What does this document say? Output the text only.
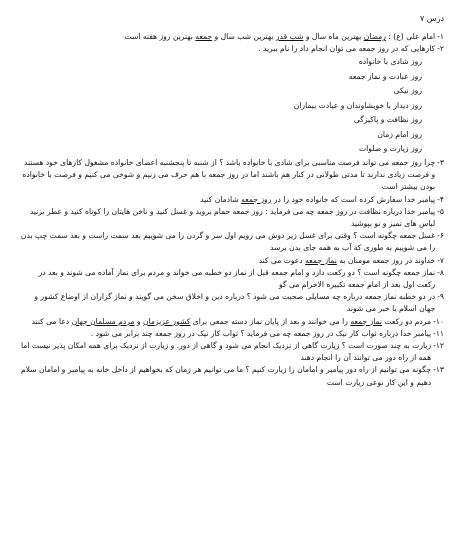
درس ۷
۱-
امام علی (ع) : رمضان بهترین ماه سال و شب قدر بهترین شب سال و جمعه بهترین روز هفته است
۲-
کارهایی که در روز جمعه می توان انجام داد را نام ببرید .
روز شادی با خانواده
روز عبادت و نماز جمعه
روز نیکی
روز دیدار با خویشاوندان و عیادت بیماران
روز نظافت و پاکیزگی
روز امام زمان
روز زیارت و صلوات
۳-
چرا روز جمعه می تواند فرصت مناسبی برای شادی با خانواده باشد ؟ از شنبه تا پنجشنبه اعضای خانواده مشغول کارهای خود هستند و فرصت زیادی ندارند تا مدتی طولانی در کنار هم باشند اما در روز جمعه با هم حرف می زنیم و شوخی می کنیم و فرصت با خانواده بودن بیشتر است
۴-
پیامبر خدا سفارش کرده است که خانواده خود را در روز جمعه شادمان کنید
۵-
پیامبر خدا درباره نظافت در روز جمعه چه می فرماید : روز جمعه حمام بروید و غسل کنید و ناخن هایتان را کوتاه کنید و عطر بزنید لباس های تمیز و نو بپوشید
۶-
غسل جمعه چگونه است ؟ وقتی برای غسل زیر دوش می رویم اول سر و گردن را می شوییم بعد سمت راست و بعد سمت چپ بدن را می شوییم به طوری که آب به همه جای بدن برسد
۷-
خداوند در روز جمعه مومنان به نماز جمعه دعوت می کند
۸-
نماز جمعه چگونه است ؟ دو رکعت دارد و امام جمعه قبل از نماز دو خطبه می خواند و مردم برای نماز آماده می شوند و بعد در رکعت اول بعد از امام جمعه تکبیره الاحرام می گو
۹-
در دو خطبه نماز جمعه درباره چه مسایلی صحبت می شود ؟ درباره دین و اخلاق سخن می گویند و نماز گزاران از اوضاع کشور و جهان اسلام با خبر می شوند
۱۰-
مردم دو رکعت نماز جمعه را می خوانند و بعد از پایان نماز دسته جمعی برای کشور عزیزمان و مردم مسلمان جهان دعا می کنند
۱۱-
پیامبر خدا درباره ثواب کار نیک در روز جمعه چه می فرماید ؟ ثواب کار نیک در روز جمعه چند برابر می شود .
۱۲-
زیارت به چند صورت است ؟ زیارت گاهی از نزدیک انجام می شود و گاهی از دور. و زیارت از نزدیک برای همه امکان پذیر نیست اما همه از راه دور می توانند آن را انجام دهند
۱۳-
چگونه می توانیم از راه دور پیامبر و امامان را زیارت کنیم ؟ ما می توانیم هر زمان که بخواهیم از داخل خانه به پیامبر و امامان سلام دهیم و این کار نوعی زیارت است
